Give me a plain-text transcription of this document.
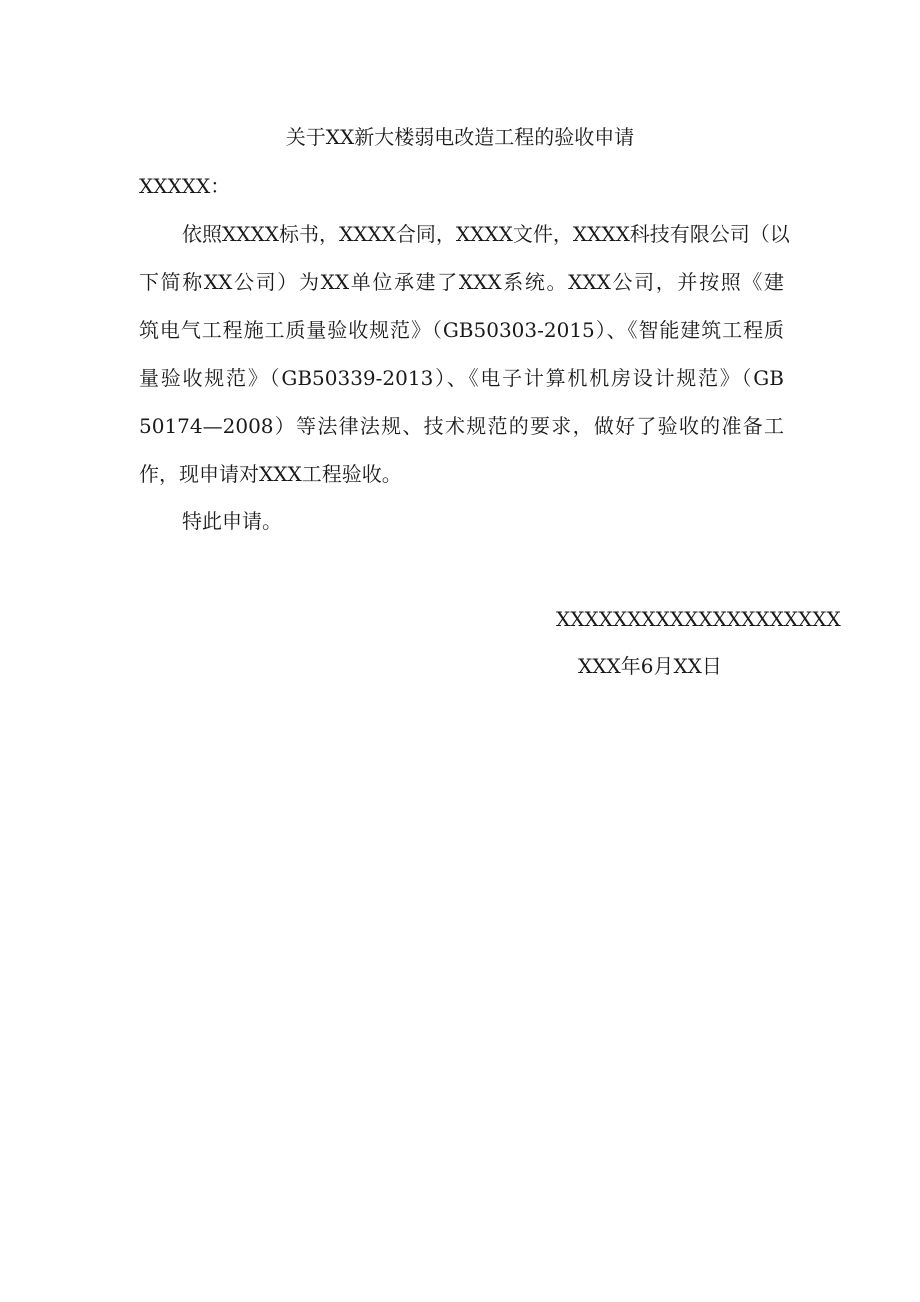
关于XX新大楼弱电改造工程的验收申请
XXXXX：
依照XXXX标书，XXXX合同，XXXX文件，XXXX科技有限公司（以
下简称XX公司）为XX单位承建了XXX系统。XXX公司，并按照《建
筑电气工程施工质量验收规范》（GB50303-2015）、《智能建筑工程质
量验收规范》（GB50339-2013）、《电子计算机机房设计规范》（GB
50174—2008）等法律法规、技术规范的要求，做好了验收的准备工
作，现申请对XXX工程验收。
特此申请。
XXXXXXXXXXXXXXXXXXXX
XXX年6月XX日
